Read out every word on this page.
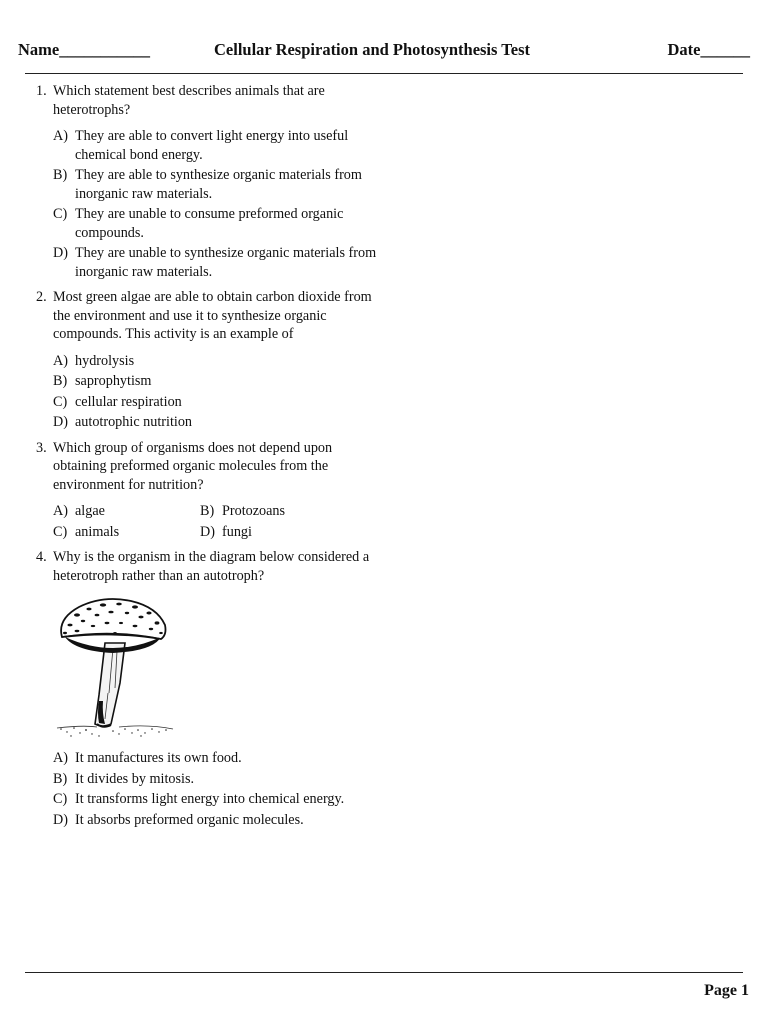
Name___________	Cellular Respiration and Photosynthesis Test	Date______
1. Which statement best describes animals that are heterotrophs?
A) They are able to convert light energy into useful chemical bond energy.
B) They are able to synthesize organic materials from inorganic raw materials.
C) They are unable to consume preformed organic compounds.
D) They are unable to synthesize organic materials from inorganic raw materials.
2. Most green algae are able to obtain carbon dioxide from the environment and use it to synthesize organic compounds. This activity is an example of
A) hydrolysis
B) saprophytism
C) cellular respiration
D) autotrophic nutrition
3. Which group of organisms does not depend upon obtaining preformed organic molecules from the environment for nutrition?
A) algae	B) Protozoans
C) animals	D) fungi
4. Why is the organism in the diagram below considered a heterotroph rather than an autotroph?
A) It manufactures its own food.
B) It divides by mitosis.
C) It transforms light energy into chemical energy.
D) It absorbs preformed organic molecules.
Page 1
